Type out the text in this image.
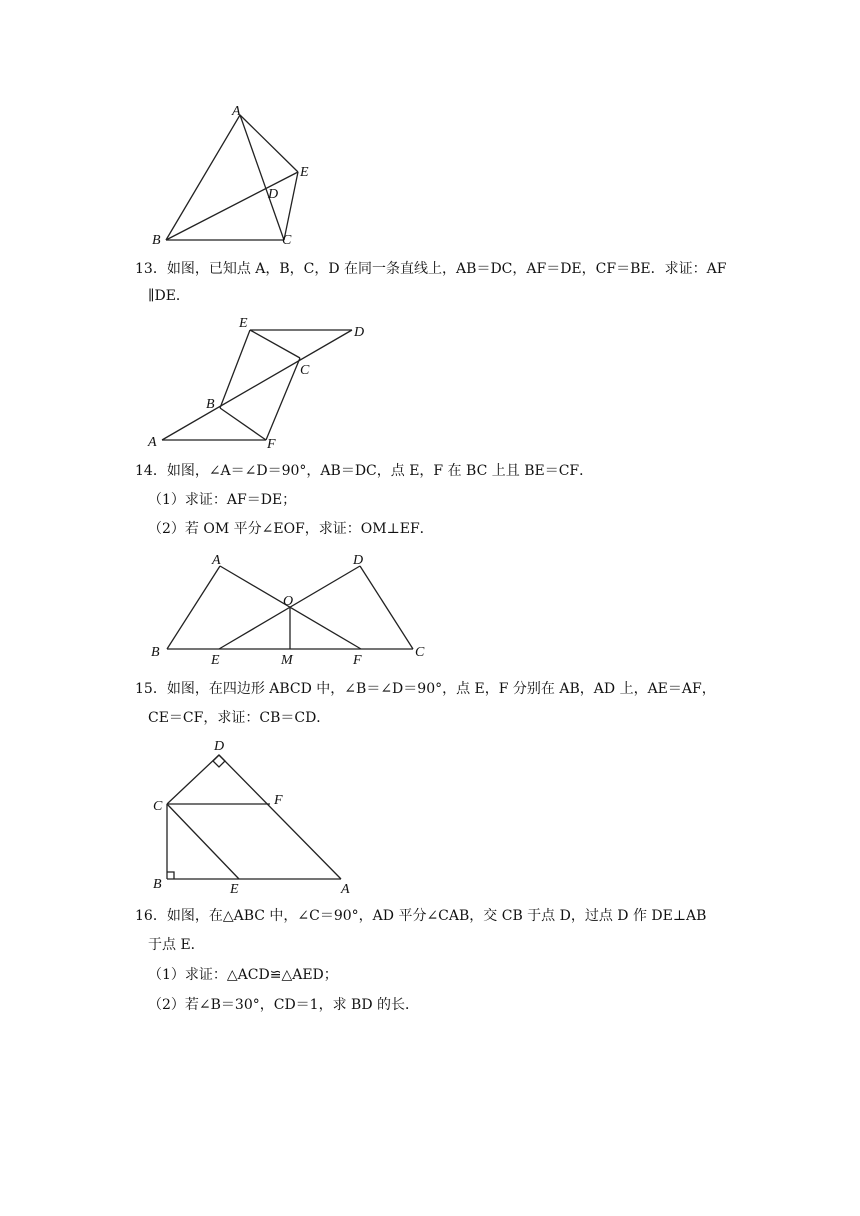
A
B	C
D
E
13．如图，已知点 A，B，C，D 在同一条直线上，AB＝DC，AF＝DE，CF＝BE．求证：AF
∥DE．
E
D
C
B
A	F
14．如图，∠A＝∠D＝90°，AB＝DC，点 E，F 在 BC 上且 BE＝CF．
（1）求证：AF＝DE；
（2）若 OM 平分∠EOF，求证：OM⊥EF．
A	D
O
B
E	M	F
C
15．如图，在四边形 ABCD 中，∠B＝∠D＝90°，点 E，F 分别在 AB，AD 上，AE＝AF，
CE＝CF，求证：CB＝CD．
D
C	F
B	E	A
16．如图，在△ABC 中，∠C＝90°，AD 平分∠CAB，交 CB 于点 D，过点 D 作 DE⊥AB
于点 E．
（1）求证：△ACD≌△AED；
（2）若∠B＝30°，CD＝1，求 BD 的长．
